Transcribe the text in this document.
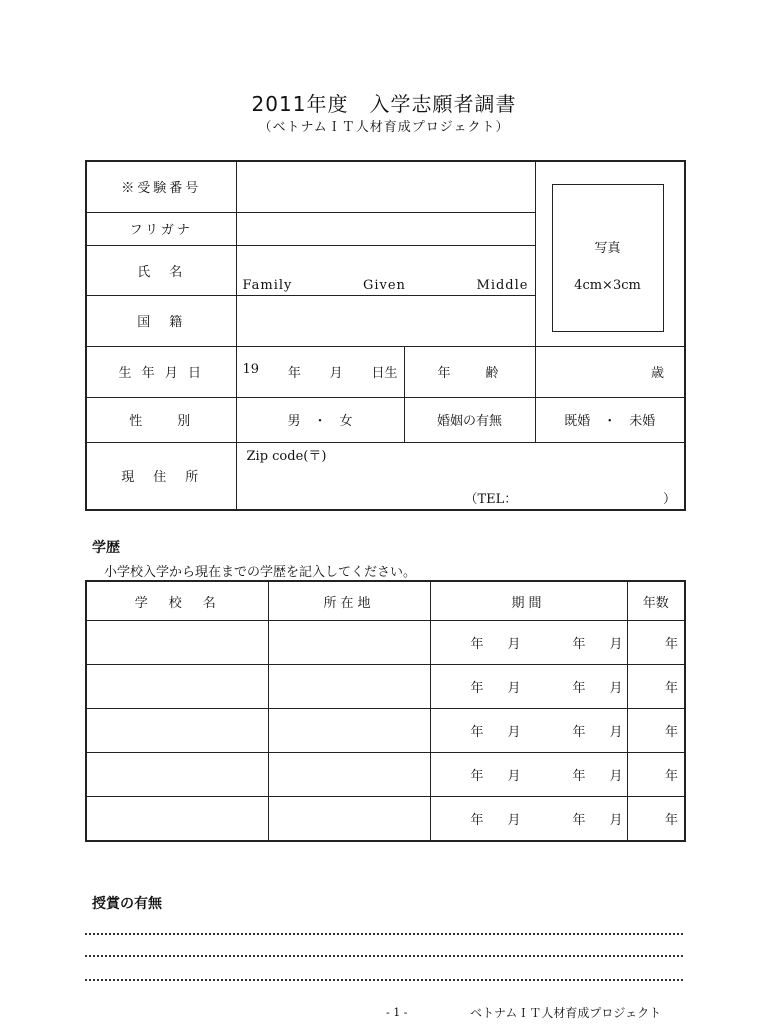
2011年度　入学志願者調書
（ベトナムＩＴ人材育成プロジェクト）
※受験番号			写真
4cm×3cm

フリガナ			
氏　名	Family Given Middle		

国　籍			
生 年 月 日	19 年 月 日生	年　　齢	歳
性　　別	男　・　女	婚姻の有無	既婚　・　未婚
現　住　所	Zip code(〒)
（TEL： ）		
学歴
小学校入学から現在までの学歴を記入してください。
学　校　名	所在地	期間	年数

		年 月 年 月	年

		年 月 年 月	年

		年 月 年 月	年

		年 月 年 月	年

		年 月 年 月	年
授賞の有無
- 1 -	ベトナムＩＴ人材育成プロジェクト
